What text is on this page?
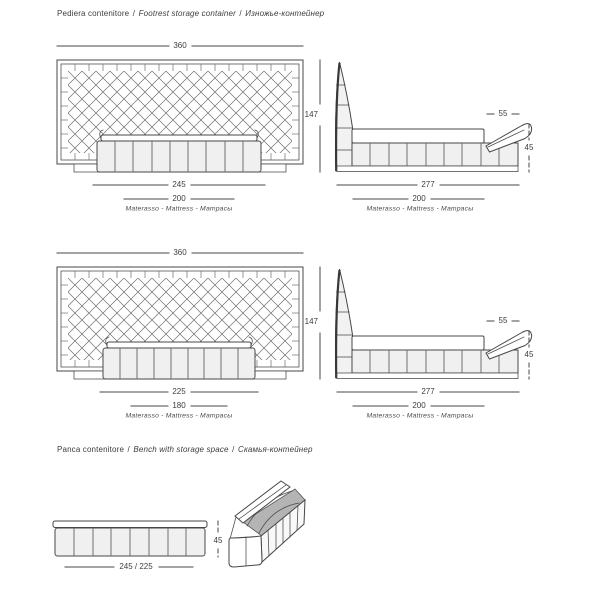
Pediera contenitore / Footrest storage container / Изножье-контейнер
Panca contenitore / Bench with storage space / Скамья-контейнер
360
245
200
Materasso - Mattress - Матрасы
147	55
45
277
200
Materasso - Mattress - Матрасы
360
225
180
Materasso - Mattress - Матрасы
147	55
45
277
200
Materasso - Mattress - Матрасы
245 / 225
45
